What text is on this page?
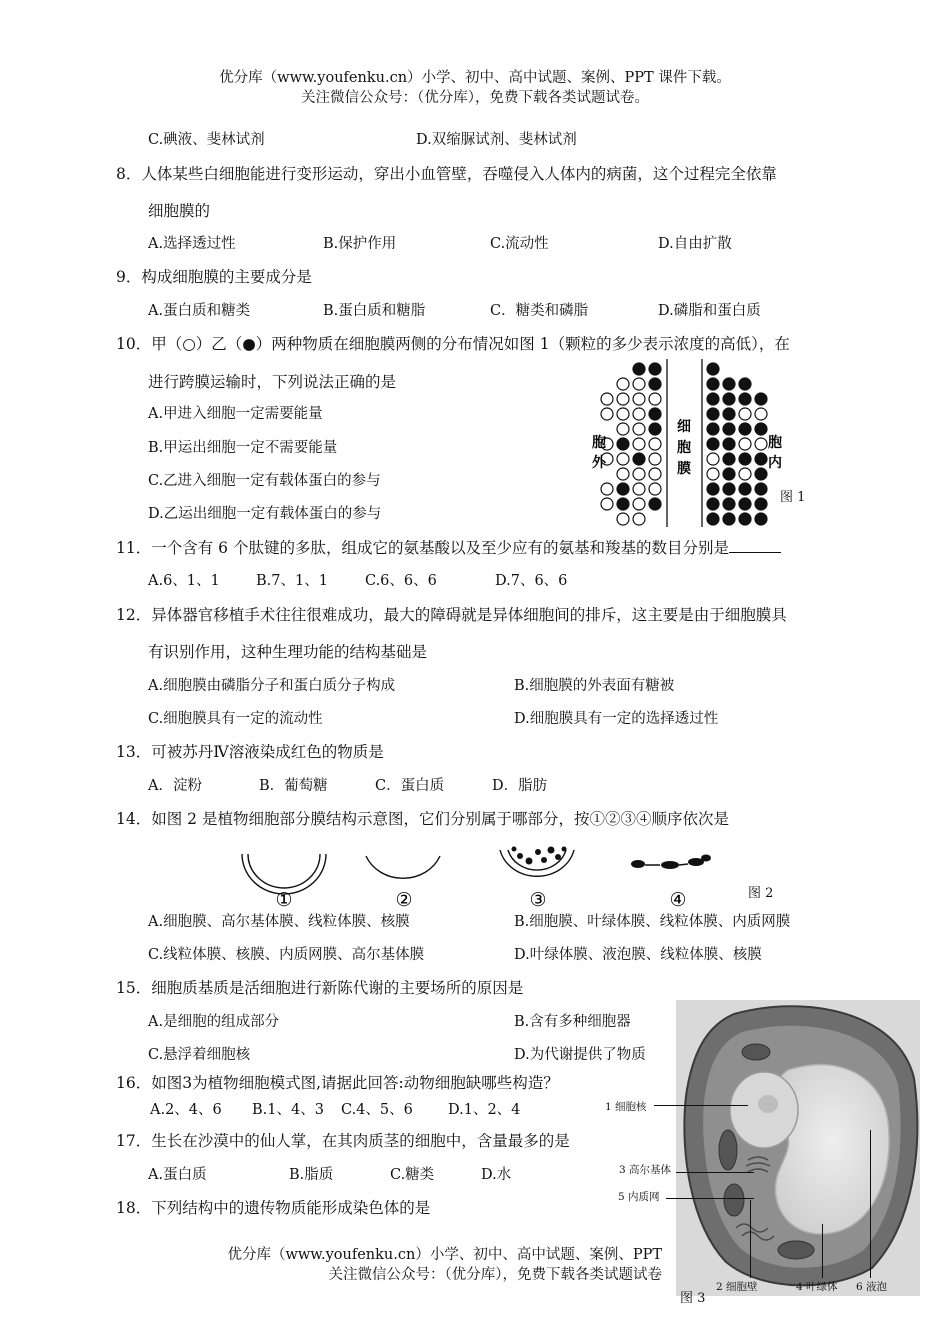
优分库（www.youfenku.cn）小学、初中、高中试题、案例、PPT 课件下载。
关注微信公众号：（优分库），免费下载各类试题试卷。
C.碘液、斐林试剂	D.双缩脲试剂、斐林试剂
8．人体某些白细胞能进行变形运动，穿出小血管壁，吞噬侵入人体内的病菌，这个过程完全依靠
细胞膜的
A.选择透过性	B.保护作用	C.流动性	D.自由扩散
9．构成细胞膜的主要成分是
A.蛋白质和糖类	B.蛋白质和糖脂	C．糖类和磷脂	D.磷脂和蛋白质
10．甲（○）乙（●）两种物质在细胞膜两侧的分布情况如图 1（颗粒的多少表示浓度的高低），在
进行跨膜运输时，下列说法正确的是
A.甲进入细胞一定需要能量
B.甲运出细胞一定不需要能量
C.乙进入细胞一定有载体蛋白的参与
D.乙运出细胞一定有载体蛋白的参与
胞外
细胞膜
胞内
图 1
11．一个含有 6 个肽键的多肽，组成它的氨基酸以及至少应有的氨基和羧基的数目分别是
A.6、1、1 B.7、1、1	C.6、6、6	D.7、6、6
12．异体器官移植手术往往很难成功，最大的障碍就是异体细胞间的排斥，这主要是由于细胞膜具
有识别作用，这种生理功能的结构基础是
A.细胞膜由磷脂分子和蛋白质分子构成	B.细胞膜的外表面有糖被
C.细胞膜具有一定的流动性	D.细胞膜具有一定的选择透过性
13．可被苏丹Ⅳ溶液染成红色的物质是
A．淀粉	B．葡萄糖	C．蛋白质	D．脂肪
14．如图 2 是植物细胞部分膜结构示意图，它们分别属于哪部分，按①②③④顺序依次是
①	②	③	④	图 2
A.细胞膜、高尔基体膜、线粒体膜、核膜	B.细胞膜、叶绿体膜、线粒体膜、内质网膜
C.线粒体膜、核膜、内质网膜、高尔基体膜	D.叶绿体膜、液泡膜、线粒体膜、核膜
15．细胞质基质是活细胞进行新陈代谢的主要场所的原因是
A.是细胞的组成部分	B.含有多种细胞器
C.悬浮着细胞核	D.为代谢提供了物质
16．如图3为植物细胞模式图,请据此回答:动物细胞缺哪些构造？
A.2、4、6 B.1、4、3 C.4、5、6 D.1、2、4
17．生长在沙漠中的仙人掌，在其肉质茎的细胞中，含量最多的是
A.蛋白质	B.脂质	C.糖类	D.水
18．下列结构中的遗传物质能形成染色体的是
1 细胞核
3 高尔基体
5 内质网
2 细胞壁	4 叶绿体 6 液泡
图 3
优分库（www.youfenku.cn）小学、初中、高中试题、案例、PPT
关注微信公众号：（优分库），免费下载各类试题试卷
